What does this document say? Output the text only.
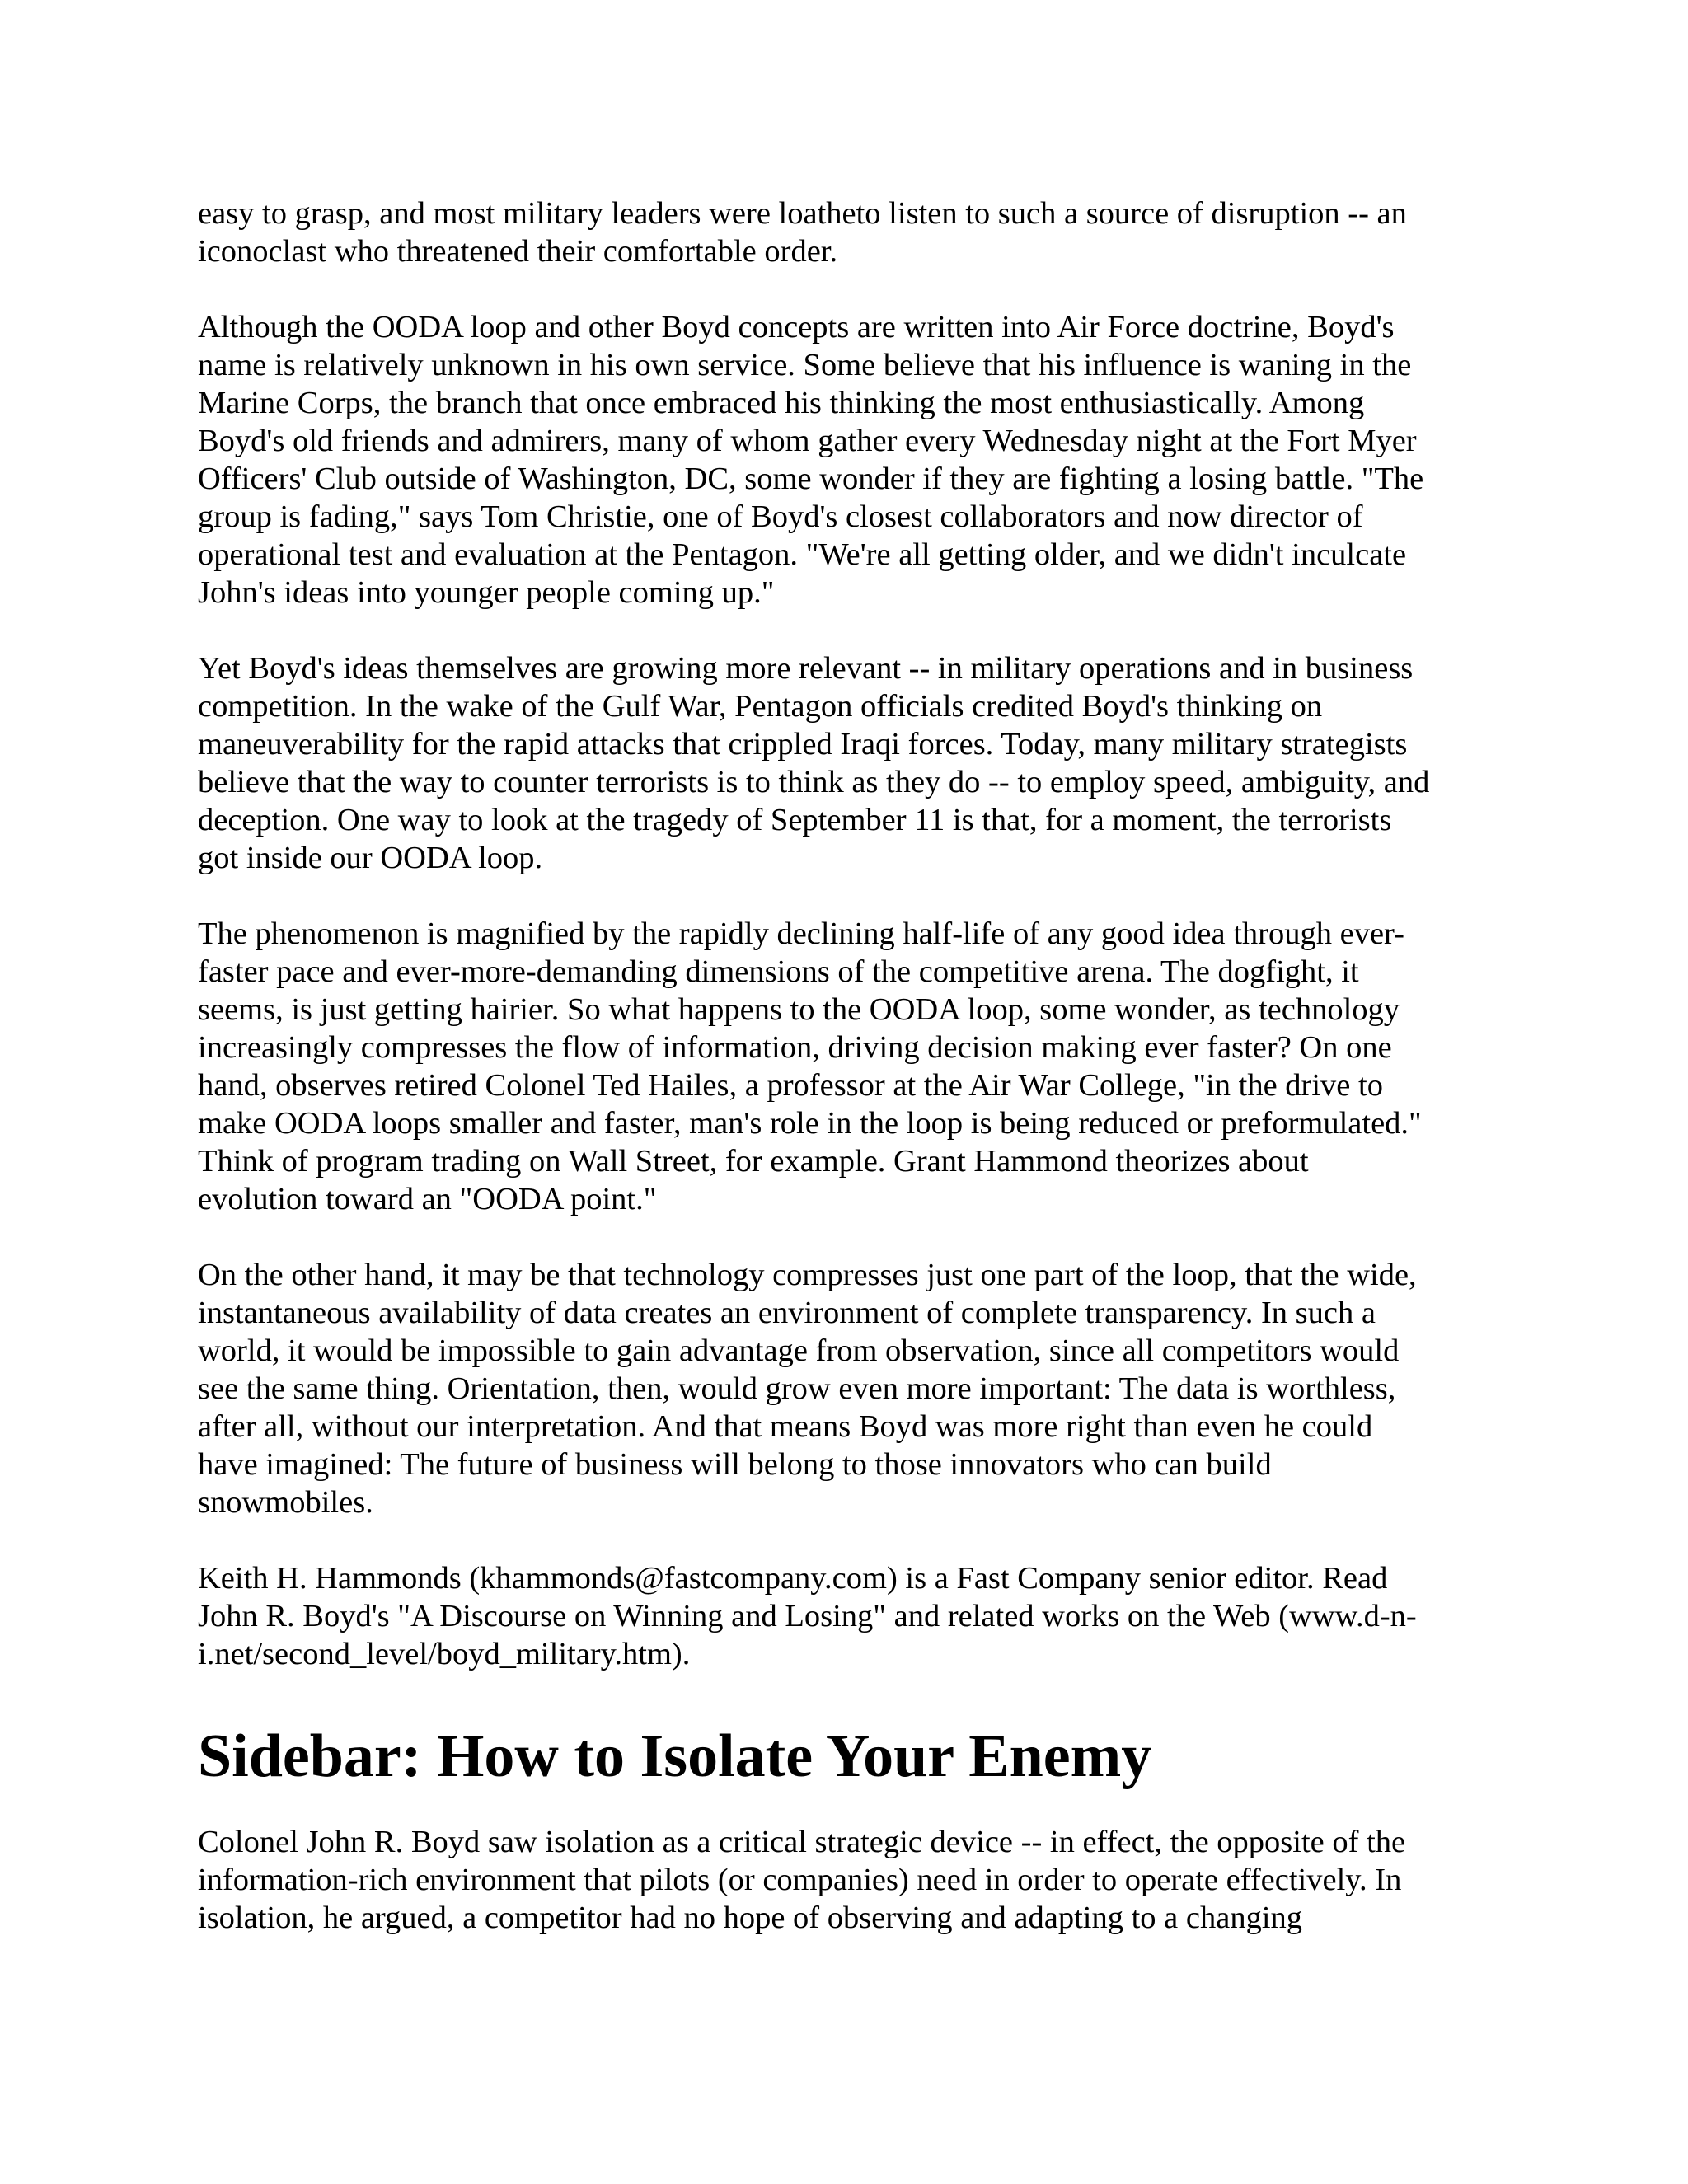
easy to grasp, and most military leaders were loatheto listen to such a source of disruption -- an
iconoclast who threatened their comfortable order.

Although the OODA loop and other Boyd concepts are written into Air Force doctrine, Boyd's
name is relatively unknown in his own service. Some believe that his influence is waning in the
Marine Corps, the branch that once embraced his thinking the most enthusiastically. Among
Boyd's old friends and admirers, many of whom gather every Wednesday night at the Fort Myer
Officers' Club outside of Washington, DC, some wonder if they are fighting a losing battle. "The
group is fading," says Tom Christie, one of Boyd's closest collaborators and now director of
operational test and evaluation at the Pentagon. "We're all getting older, and we didn't inculcate
John's ideas into younger people coming up."

Yet Boyd's ideas themselves are growing more relevant -- in military operations and in business
competition. In the wake of the Gulf War, Pentagon officials credited Boyd's thinking on
maneuverability for the rapid attacks that crippled Iraqi forces. Today, many military strategists
believe that the way to counter terrorists is to think as they do -- to employ speed, ambiguity, and
deception. One way to look at the tragedy of September 11 is that, for a moment, the terrorists
got inside our OODA loop.

The phenomenon is magnified by the rapidly declining half-life of any good idea through ever-
faster pace and ever-more-demanding dimensions of the competitive arena. The dogfight, it
seems, is just getting hairier. So what happens to the OODA loop, some wonder, as technology
increasingly compresses the flow of information, driving decision making ever faster? On one
hand, observes retired Colonel Ted Hailes, a professor at the Air War College, "in the drive to
make OODA loops smaller and faster, man's role in the loop is being reduced or preformulated."
Think of program trading on Wall Street, for example. Grant Hammond theorizes about
evolution toward an "OODA point."

On the other hand, it may be that technology compresses just one part of the loop, that the wide,
instantaneous availability of data creates an environment of complete transparency. In such a
world, it would be impossible to gain advantage from observation, since all competitors would
see the same thing. Orientation, then, would grow even more important: The data is worthless,
after all, without our interpretation. And that means Boyd was more right than even he could
have imagined: The future of business will belong to those innovators who can build
snowmobiles.

Keith H. Hammonds (khammonds@fastcompany.com) is a Fast Company senior editor. Read
John R. Boyd's "A Discourse on Winning and Losing" and related works on the Web (www.d-n-
i.net/second_level/boyd_military.htm).

Sidebar: How to Isolate Your Enemy

Colonel John R. Boyd saw isolation as a critical strategic device -- in effect, the opposite of the
information-rich environment that pilots (or companies) need in order to operate effectively. In
isolation, he argued, a competitor had no hope of observing and adapting to a changing
